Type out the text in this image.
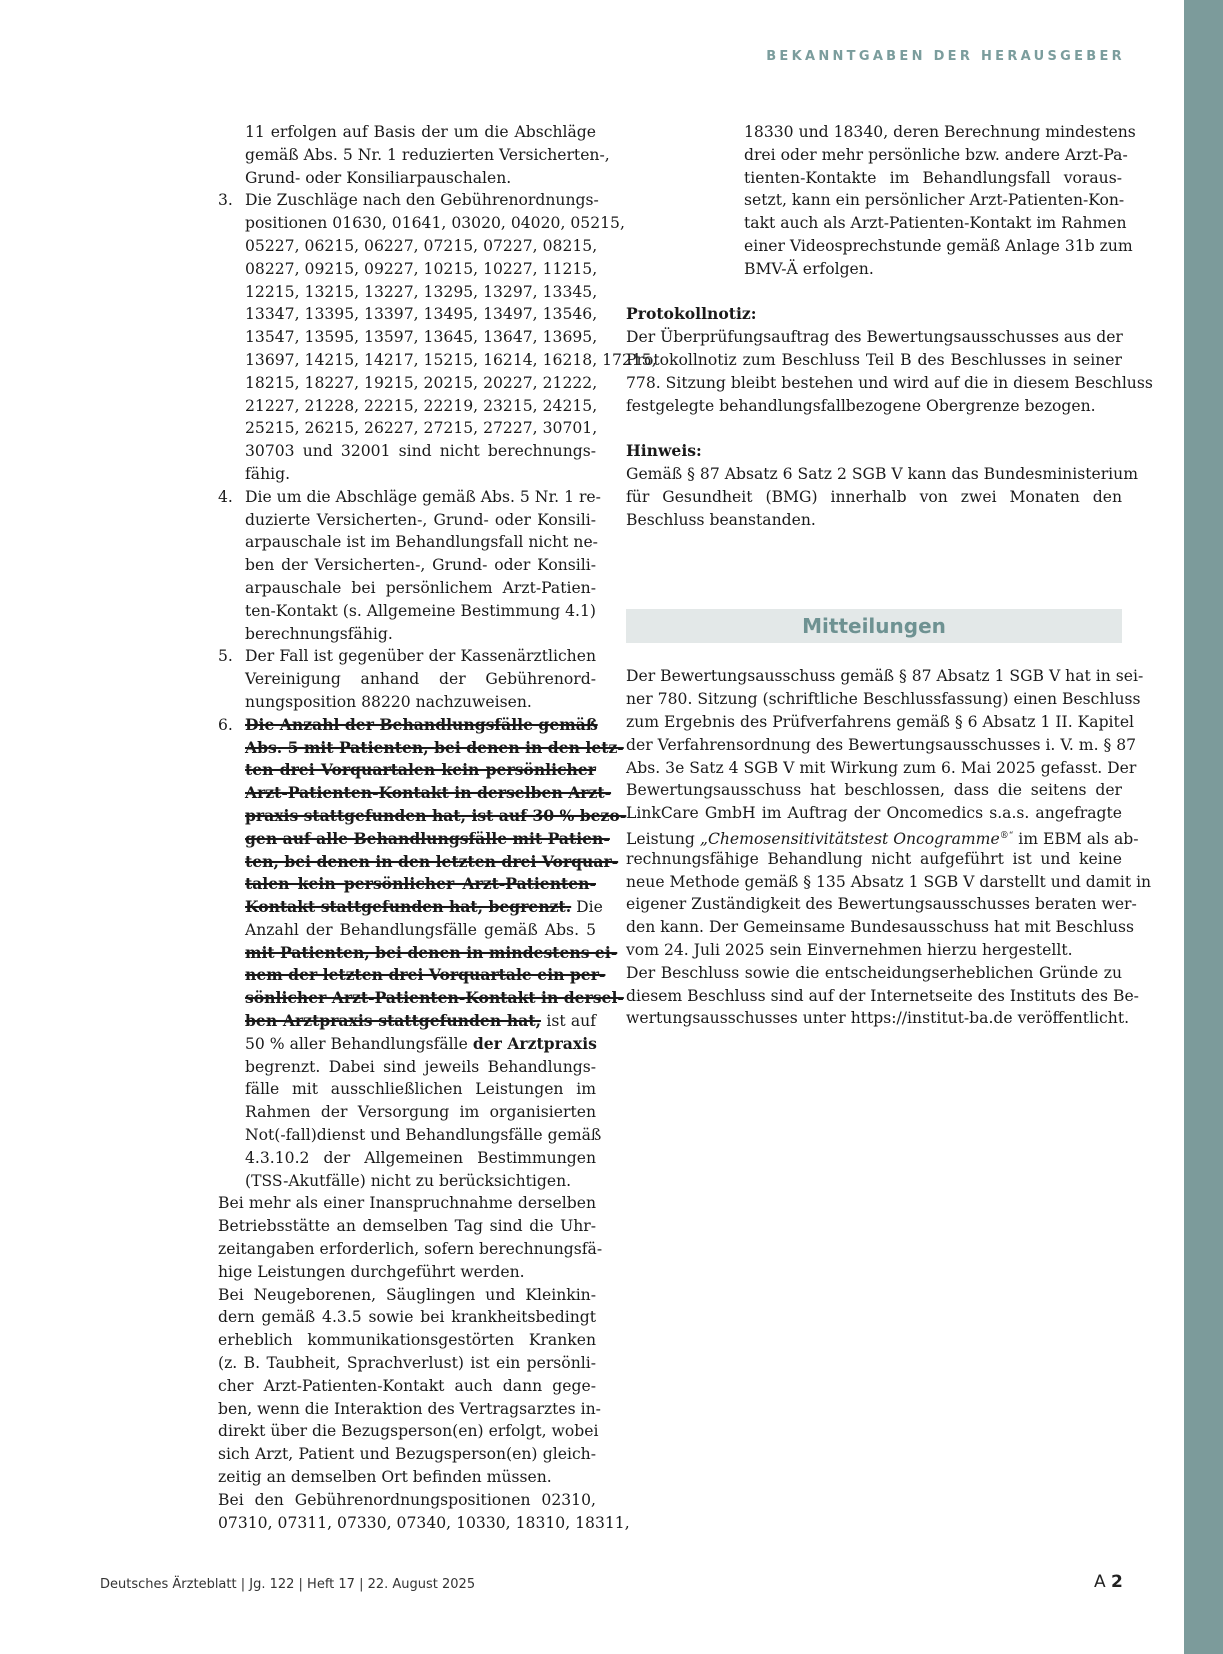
BEKANNTGABEN DER HERAUSGEBER
11 erfolgen auf Basis der um die Abschläge
gemäß Abs. 5 Nr. 1 reduzierten Versicherten-,
Grund- oder Konsiliarpauschalen.
3. Die Zuschläge nach den Gebührenordnungs-
positionen 01630, 01641, 03020, 04020, 05215,
05227, 06215, 06227, 07215, 07227, 08215,
08227, 09215, 09227, 10215, 10227, 11215,
12215, 13215, 13227, 13295, 13297, 13345,
13347, 13395, 13397, 13495, 13497, 13546,
13547, 13595, 13597, 13645, 13647, 13695,
13697, 14215, 14217, 15215, 16214, 16218, 17215,
18215, 18227, 19215, 20215, 20227, 21222,
21227, 21228, 22215, 22219, 23215, 24215,
25215, 26215, 26227, 27215, 27227, 30701,
30703 und 32001 sind nicht berechnungs-
fähig.
4. Die um die Abschläge gemäß Abs. 5 Nr. 1 re-
duzierte Versicherten-, Grund- oder Konsili-
arpauschale ist im Behandlungsfall nicht ne-
ben der Versicherten-, Grund- oder Konsili-
arpauschale bei persönlichem Arzt-Patien-
ten-Kontakt (s. Allgemeine Bestimmung 4.1)
berechnungsfähig.
5. Der Fall ist gegenüber der Kassenärztlichen
Vereinigung anhand der Gebührenord-
nungsposition 88220 nachzuweisen.
6. Die Anzahl der Behandlungsfälle gemäß
Abs. 5 mit Patienten, bei denen in den letz-
ten drei Vorquartalen kein persönlicher
Arzt-Patienten-Kontakt in derselben Arzt-
praxis stattgefunden hat, ist auf 30 % bezo-
gen auf alle Behandlungsfälle mit Patien-
ten, bei denen in den letzten drei Vorquar-
talen kein persönlicher Arzt-Patienten-
Kontakt stattgefunden hat, begrenzt. Die
Anzahl der Behandlungsfälle gemäß Abs. 5
mit Patienten, bei denen in mindestens ei-
nem der letzten drei Vorquartale ein per-
sönlicher Arzt-Patienten-Kontakt in dersel-
ben Arztpraxis stattgefunden hat, ist auf
50 % aller Behandlungsfälle der Arztpraxis
begrenzt. Dabei sind jeweils Behandlungs-
fälle mit ausschließlichen Leistungen im
Rahmen der Versorgung im organisierten
Not(-fall)dienst und Behandlungsfälle gemäß
4.3.10.2 der Allgemeinen Bestimmungen
(TSS-Akutfälle) nicht zu berücksichtigen.
Bei mehr als einer Inanspruchnahme derselben
Betriebsstätte an demselben Tag sind die Uhr-
zeitangaben erforderlich, sofern berechnungsfä-
hige Leistungen durchgeführt werden.
Bei Neugeborenen, Säuglingen und Kleinkin-
dern gemäß 4.3.5 sowie bei krankheitsbedingt
erheblich kommunikationsgestörten Kranken
(z. B. Taubheit, Sprachverlust) ist ein persönli-
cher Arzt-Patienten-Kontakt auch dann gege-
ben, wenn die Interaktion des Vertragsarztes in-
direkt über die Bezugsperson(en) erfolgt, wobei
sich Arzt, Patient und Bezugsperson(en) gleich-
zeitig an demselben Ort befinden müssen.
Bei den Gebührenordnungspositionen 02310,
07310, 07311, 07330, 07340, 10330, 18310, 18311,
18330 und 18340, deren Berechnung mindestens
drei oder mehr persönliche bzw. andere Arzt-Pa-
tienten-Kontakte im Behandlungsfall voraus-
setzt, kann ein persönlicher Arzt-Patienten-Kon-
takt auch als Arzt-Patienten-Kontakt im Rahmen
einer Videosprechstunde gemäß Anlage 31b zum
BMV-Ä erfolgen.
Protokollnotiz:
Der Überprüfungsauftrag des Bewertungsausschusses aus der
Protokollnotiz zum Beschluss Teil B des Beschlusses in seiner
778. Sitzung bleibt bestehen und wird auf die in diesem Beschluss
festgelegte behandlungsfallbezogene Obergrenze bezogen.
Hinweis:
Gemäß § 87 Absatz 6 Satz 2 SGB V kann das Bundesministerium
für Gesundheit (BMG) innerhalb von zwei Monaten den
Beschluss beanstanden.
Mitteilungen
Der Bewertungsausschuss gemäß § 87 Absatz 1 SGB V hat in sei-
ner 780. Sitzung (schriftliche Beschlussfassung) einen Beschluss
zum Ergebnis des Prüfverfahrens gemäß § 6 Absatz 1 II. Kapitel
der Verfahrensordnung des Bewertungsausschusses i. V. m. § 87
Abs. 3e Satz 4 SGB V mit Wirkung zum 6. Mai 2025 gefasst. Der
Bewertungsausschuss hat beschlossen, dass die seitens der
LinkCare GmbH im Auftrag der Oncomedics s.a.s. angefragte
Leistung „Chemosensitivitätstest Oncogramme®“ im EBM als ab-
rechnungsfähige Behandlung nicht aufgeführt ist und keine
neue Methode gemäß § 135 Absatz 1 SGB V darstellt und damit in
eigener Zuständigkeit des Bewertungsausschusses beraten wer-
den kann. Der Gemeinsame Bundesausschuss hat mit Beschluss
vom 24. Juli 2025 sein Einvernehmen hierzu hergestellt.
Der Beschluss sowie die entscheidungserheblichen Gründe zu
diesem Beschluss sind auf der Internetseite des Instituts des Be-
wertungsausschusses unter https://institut-ba.de veröffentlicht.
Deutsches Ärzteblatt | Jg. 122 | Heft 17 | 22. August 2025	A 2
